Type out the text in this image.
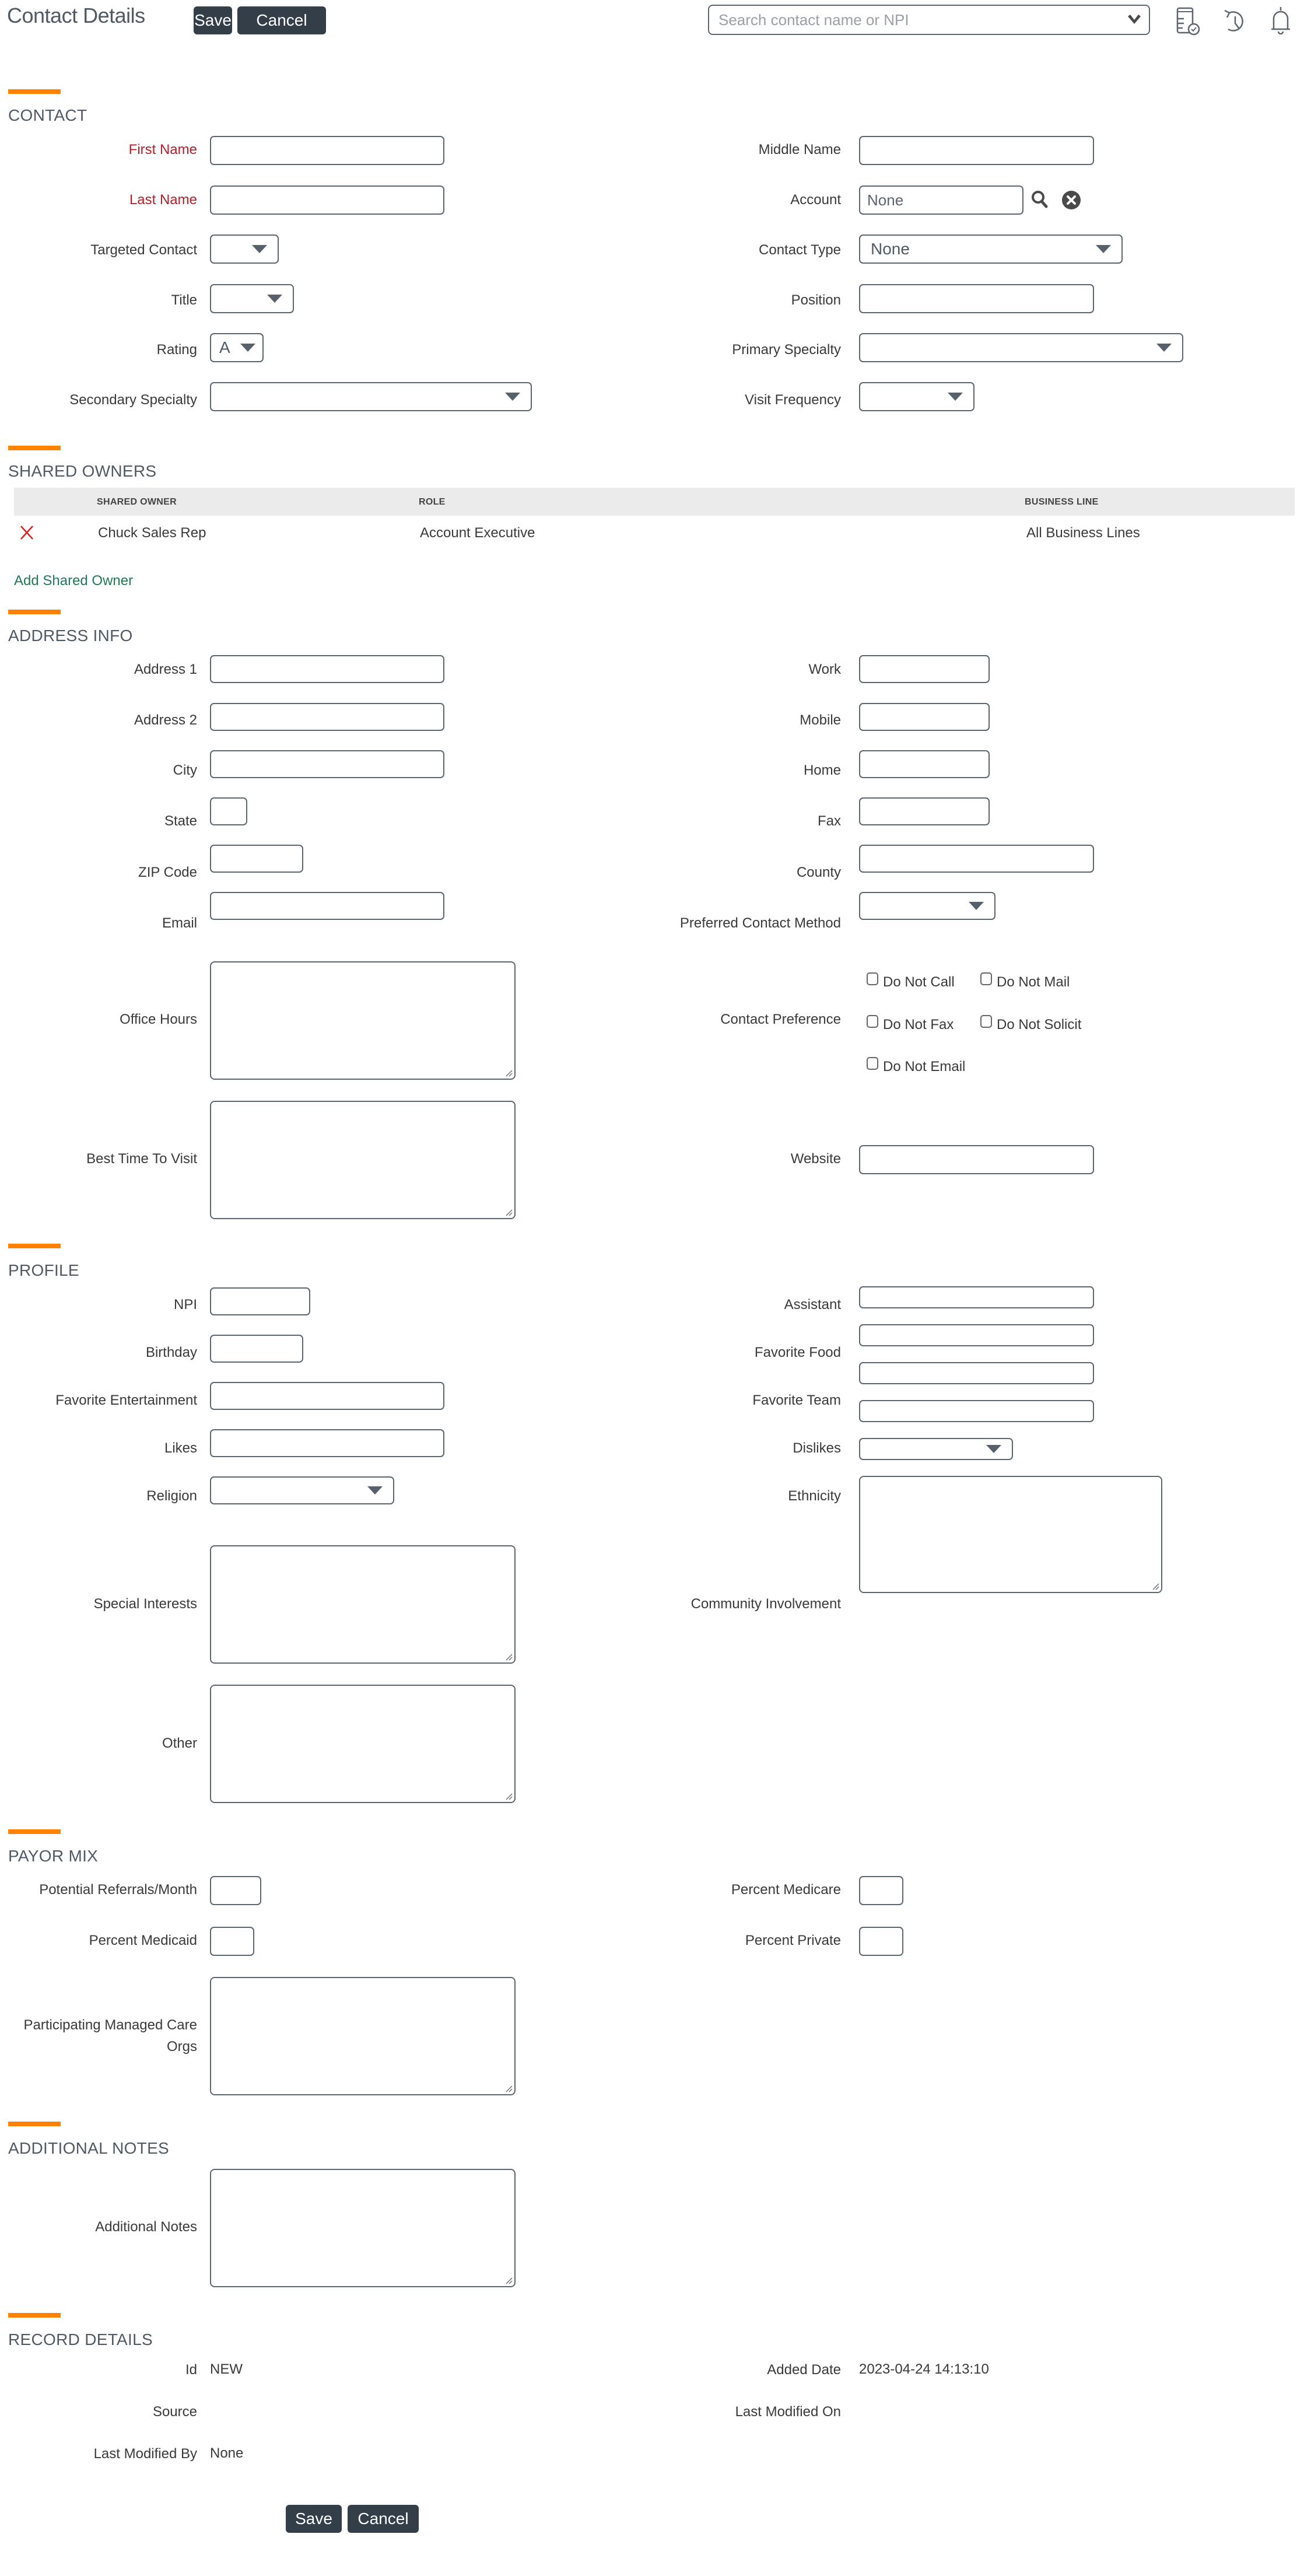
Contact Details	Save	Cancel	Search contact name or NPI
CONTACT
First Name	Middle Name
Last Name	Account	None
Targeted Contact	Contact Type	None
Title	Position
Rating	A	Primary Specialty
Secondary Specialty	Visit Frequency
SHARED OWNERS
SHARED OWNER	ROLE	BUSINESS LINE
Chuck Sales Rep	Account Executive	All Business Lines
Add Shared Owner
ADDRESS INFO
Address 1	Work
Address 2	Mobile
City	Home
State	Fax
ZIP Code	County
Email	Preferred Contact Method
Office Hours	Contact Preference
Do Not Call	Do Not Mail
Do Not Fax	Do Not Solicit
Do Not Email
Best Time To Visit	Website
PROFILE
NPI	Assistant
Birthday	Favorite Food
Favorite Entertainment	Favorite Team
Likes	Dislikes
Religion	Ethnicity
Special Interests	Community Involvement
Other
PAYOR MIX
Potential Referrals/Month	Percent Medicare
Percent Medicaid	Percent Private
Participating Managed Care
Orgs
ADDITIONAL NOTES
Additional Notes
RECORD DETAILS
Id NEW	Added Date 2023-04-24 14:13:10
Source	Last Modified On
Last Modified By None
Save	Cancel
